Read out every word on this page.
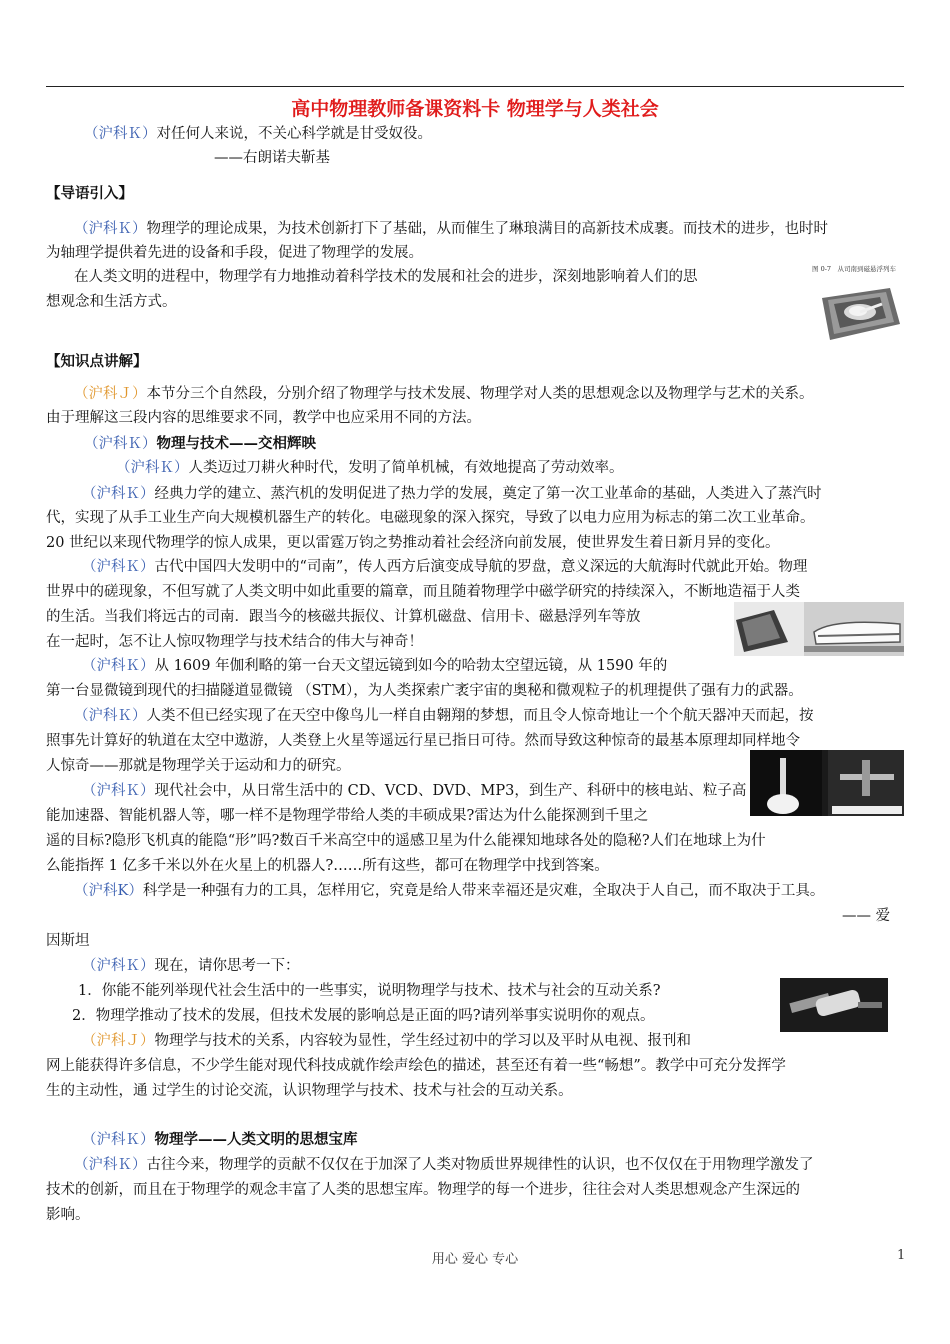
高中物理教师备课资料卡 物理学与人类社会
（沪科Ｋ）对任何人来说，不关心科学就是甘受奴役。
——右朗诺夫靳基
【导语引入】
（沪科Ｋ）物理学的理论成果，为技术创新打下了基础，从而催生了琳琅满目的高新技术成裹。而技术的进步，也时时
为轴理学提供着先进的设备和手段，促进了物理学的发展。
在人类文明的进程中，物理学有力地推动着科学技术的发展和社会的进步，深刻地影响着人们的思
想观念和生活方式。
图 0-7　从司南到磁悬浮列车
【知识点讲解】
（沪科Ｊ）本节分三个自然段，分别介绍了物理学与技术发展、物理学对人类的思想观念以及物理学与艺术的关系。
由于理解这三段内容的思维要求不同，教学中也应采用不同的方法。
（沪科Ｋ）物理与技术——交相辉映
（沪科Ｋ）人类迈过刀耕火种时代，发明了简单机械，有效地提高了劳动效率。
（沪科Ｋ）经典力学的建立、蒸汽机的发明促进了热力学的发展，奠定了第一次工业革命的基础，人类进入了蒸汽时
代，实现了从手工业生产向大规模机器生产的转化。电磁现象的深入探究，导致了以电力应用为标志的第二次工业革命。
20 世纪以来现代物理学的惊人成果，更以雷霆万钧之势推动着社会经济向前发展，使世界发生着日新月异的变化。
（沪科Ｋ）古代中国四大发明中的“司南”，传人西方后演变成导航的罗盘，意义深远的大航海时代就此开始。物理
世界中的磋现象，不但写就了人类文明中如此重要的篇章，而且随着物理学中磁学研究的持续深入，不断地造福于人类
的生活。当我们将远古的司南．跟当今的核磁共振仪、计算机磁盘、信用卡、磁悬浮列车等放
在一起时，怎不让人惊叹物理学与技术结合的伟大与神奇！
（沪科Ｋ）从 1609 年伽利略的第一台天文望远镜到如今的哈勃太空望远镜，从 1590 年的
第一台显微镜到现代的扫描隧道显微镜 （STM），为人类探索广袤宇宙的奥秘和微观粒子的机理提供了强有力的武器。
（沪科Ｋ）人类不但已经实现了在天空中像鸟儿一样自由翱翔的梦想，而且令人惊奇地让一个个航天器冲天而起，按
照事先计算好的轨道在太空中遨游，人类登上火星等遥远行星已指日可待。然而导致这种惊奇的最基本原理却同样地令
人惊奇——那就是物理学关于运动和力的研究。
（沪科Ｋ）现代社会中，从日常生活中的 CD、VCD、DVD、MP3，到生产、科研中的核电站、粒子高
能加速器、智能机器人等，哪一样不是物理学带给人类的丰硕成果?雷达为什么能探测到千里之
遥的目标?隐形飞机真的能隐“形”吗?数百千米高空中的遥感卫星为什么能裸知地球各处的隐秘?人们在地球上为什
么能指挥 1 亿多千米以外在火星上的机器人?……所有这些，都可在物理学中找到答案。
（沪科K）科学是一种强有力的工具，怎样用它，究竟是给人带来幸福还是灾难，全取决于人自己，而不取决于工具。
—— 爱
因斯坦
（沪科Ｋ）现在，请你思考一下：
1．你能不能列举现代社会生活中的一些事实，说明物理学与技术、技术与社会的互动关系?
2．物理学推动了技术的发展，但技术发展的影响总是正面的吗?请列举事实说明你的观点。
（沪科Ｊ）物理学与技术的关系，内容较为显性，学生经过初中的学习以及平时从电视、报刊和
网上能获得许多信息，不少学生能对现代科技成就作绘声绘色的描述，甚至还有着一些“畅想”。教学中可充分发挥学
生的主动性，通 过学生的讨论交流，认识物理学与技术、技术与社会的互动关系。
（沪科Ｋ）物理学——人类文明的思想宝库
（沪科Ｋ）古往今来，物理学的贡献不仅仅在于加深了人类对物质世界规律性的认识，也不仅仅在于用物理学激发了
技术的创新，而且在于物理学的观念丰富了人类的思想宝库。物理学的每一个进步，往往会对人类思想观念产生深远的
影响。
用心 爱心 专心	1
